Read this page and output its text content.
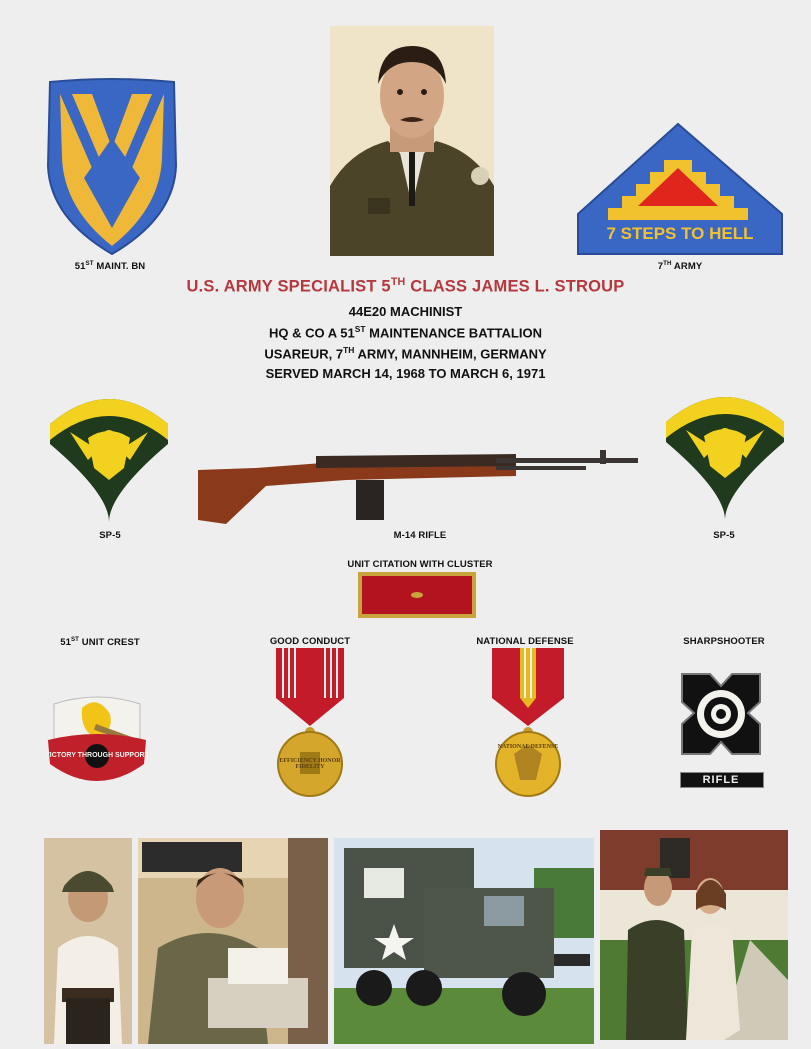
51ST MAINT. BN
7 STEPS TO HELL
7TH ARMY
U.S. ARMY SPECIALIST 5TH CLASS JAMES L. STROUP
44E20 MACHINIST
HQ & CO A 51ST MAINTENANCE BATTALION
USAREUR, 7TH ARMY, MANNHEIM, GERMANY
SERVED MARCH 14, 1968 TO MARCH 6, 1971
SP-5	M-14 RIFLE	SP-5
UNIT CITATION WITH CLUSTER
51ST UNIT CREST	GOOD CONDUCT	NATIONAL DEFENSE	SHARPSHOOTER
VICTORY THROUGH SUPPORT
EFFICIENCY HONOR FIDELITY
NATIONAL DEFENSE
RIFLE
